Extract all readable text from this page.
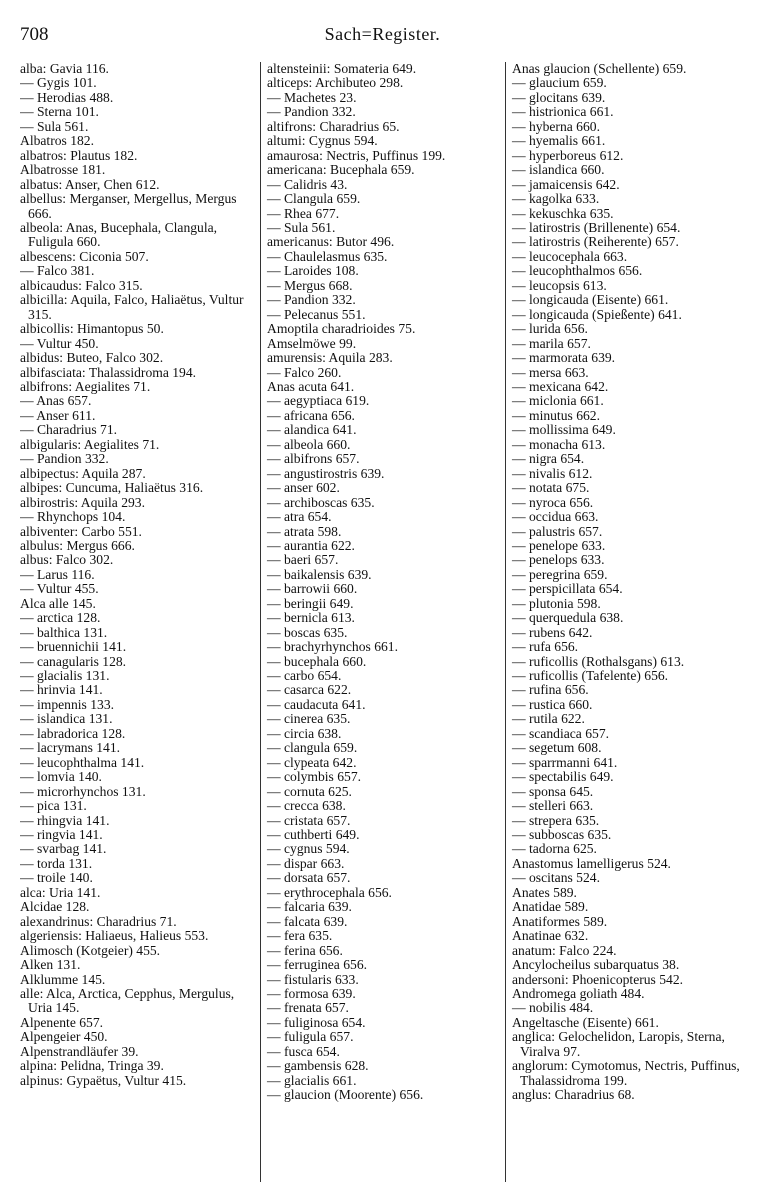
708	Sach=Register.

alba: Gavia 116.

— Gygis 101.

— Herodias 488.

— Sterna 101.

— Sula 561.

Albatros 182.

albatros: Plautus 182.

Albatrosse 181.

albatus: Anser, Chen 612.

albellus: Merganser, Mergellus, Mergus 666.

albeola: Anas, Bucephala, Clangula, Fuligula 660.

albescens: Ciconia 507.

— Falco 381.

albicaudus: Falco 315.

albicilla: Aquila, Falco, Haliaëtus, Vultur 315.

albicollis: Himantopus 50.

— Vultur 450.

albidus: Buteo, Falco 302.

albifasciata: Thalassidroma 194.

albifrons: Aegialites 71.

— Anas 657.

— Anser 611.

— Charadrius 71.

albigularis: Aegialites 71.

— Pandion 332.

albipectus: Aquila 287.

albipes: Cuncuma, Haliaëtus 316.

albirostris: Aquila 293.

— Rhynchops 104.

albiventer: Carbo 551.

albulus: Mergus 666.

albus: Falco 302.

— Larus 116.

— Vultur 455.

Alca alle 145.

— arctica 128.

— balthica 131.

— bruennichii 141.

— canagularis 128.

— glacialis 131.

— hrinvia 141.

— impennis 133.

— islandica 131.

— labradorica 128.

— lacrymans 141.

— leucophthalma 141.

— lomvia 140.

— microrhynchos 131.

— pica 131.

— rhingvia 141.

— ringvia 141.

— svarbag 141.

— torda 131.

— troile 140.

alca: Uria 141.

Alcidae 128.

alexandrinus: Charadrius 71.

algeriensis: Haliaeus, Halieus 553.

Alimosch (Kotgeier) 455.

Alken 131.

Alklumme 145.

alle: Alca, Arctica, Cepphus, Mergulus, Uria 145.

Alpenente 657.

Alpengeier 450.

Alpenstrandläufer 39.

alpina: Pelidna, Tringa 39.

alpinus: Gypaëtus, Vultur 415.

altensteinii: Somateria 649.

alticeps: Archibuteo 298.

— Machetes 23.

— Pandion 332.

altifrons: Charadrius 65.

altumi: Cygnus 594.

amaurosa: Nectris, Puffinus 199.

americana: Bucephala 659.

— Calidris 43.

— Clangula 659.

— Rhea 677.

— Sula 561.

americanus: Butor 496.

— Chaulelasmus 635.

— Laroides 108.

— Mergus 668.

— Pandion 332.

— Pelecanus 551.

Amoptila charadrioides 75.

Amselmöwe 99.

amurensis: Aquila 283.

— Falco 260.

Anas acuta 641.

— aegyptiaca 619.

— africana 656.

— alandica 641.

— albeola 660.

— albifrons 657.

— angustirostris 639.

— anser 602.

— archiboscas 635.

— atra 654.

— atrata 598.

— aurantia 622.

— baeri 657.

— baikalensis 639.

— barrowii 660.

— beringii 649.

— bernicla 613.

— boscas 635.

— brachyrhynchos 661.

— bucephala 660.

— carbo 654.

— casarca 622.

— caudacuta 641.

— cinerea 635.

— circia 638.

— clangula 659.

— clypeata 642.

— colymbis 657.

— cornuta 625.

— crecca 638.

— cristata 657.

— cuthberti 649.

— cygnus 594.

— dispar 663.

— dorsata 657.

— erythrocephala 656.

— falcaria 639.

— falcata 639.

— fera 635.

— ferina 656.

— ferruginea 656.

— fistularis 633.

— formosa 639.

— frenata 657.

— fuliginosa 654.

— fuligula 657.

— fusca 654.

— gambensis 628.

— glacialis 661.

— glaucion (Moorente) 656.

Anas glaucion (Schellente) 659.

— glaucium 659.

— glocitans 639.

— histrionica 661.

— hyberna 660.

— hyemalis 661.

— hyperboreus 612.

— islandica 660.

— jamaicensis 642.

— kagolka 633.

— kekuschka 635.

— latirostris (Brillenente) 654.

— latirostris (Reiherente) 657.

— leucocephala 663.

— leucophthalmos 656.

— leucopsis 613.

— longicauda (Eisente) 661.

— longicauda (Spießente) 641.

— lurida 656.

— marila 657.

— marmorata 639.

— mersa 663.

— mexicana 642.

— miclonia 661.

— minutus 662.

— mollissima 649.

— monacha 613.

— nigra 654.

— nivalis 612.

— notata 675.

— nyroca 656.

— occidua 663.

— palustris 657.

— penelope 633.

— penelops 633.

— peregrina 659.

— perspicillata 654.

— plutonia 598.

— querquedula 638.

— rubens 642.

— rufa 656.

— ruficollis (Rothalsgans) 613.

— ruficollis (Tafelente) 656.

— rufina 656.

— rustica 660.

— rutila 622.

— scandiaca 657.

— segetum 608.

— sparrmanni 641.

— spectabilis 649.

— sponsa 645.

— stelleri 663.

— strepera 635.

— subboscas 635.

— tadorna 625.

Anastomus lamelligerus 524.

— oscitans 524.

Anates 589.

Anatidae 589.

Anatiformes 589.

Anatinae 632.

anatum: Falco 224.

Ancylocheilus subarquatus 38.

andersoni: Phoenicopterus 542.

Andromega goliath 484.

— nobilis 484.

Angeltasche (Eisente) 661.

anglica: Gelochelidon, Laropis, Sterna, Viralva 97.

anglorum: Cymotomus, Nectris, Puffinus, Thalassidroma 199.

anglus: Charadrius 68.
